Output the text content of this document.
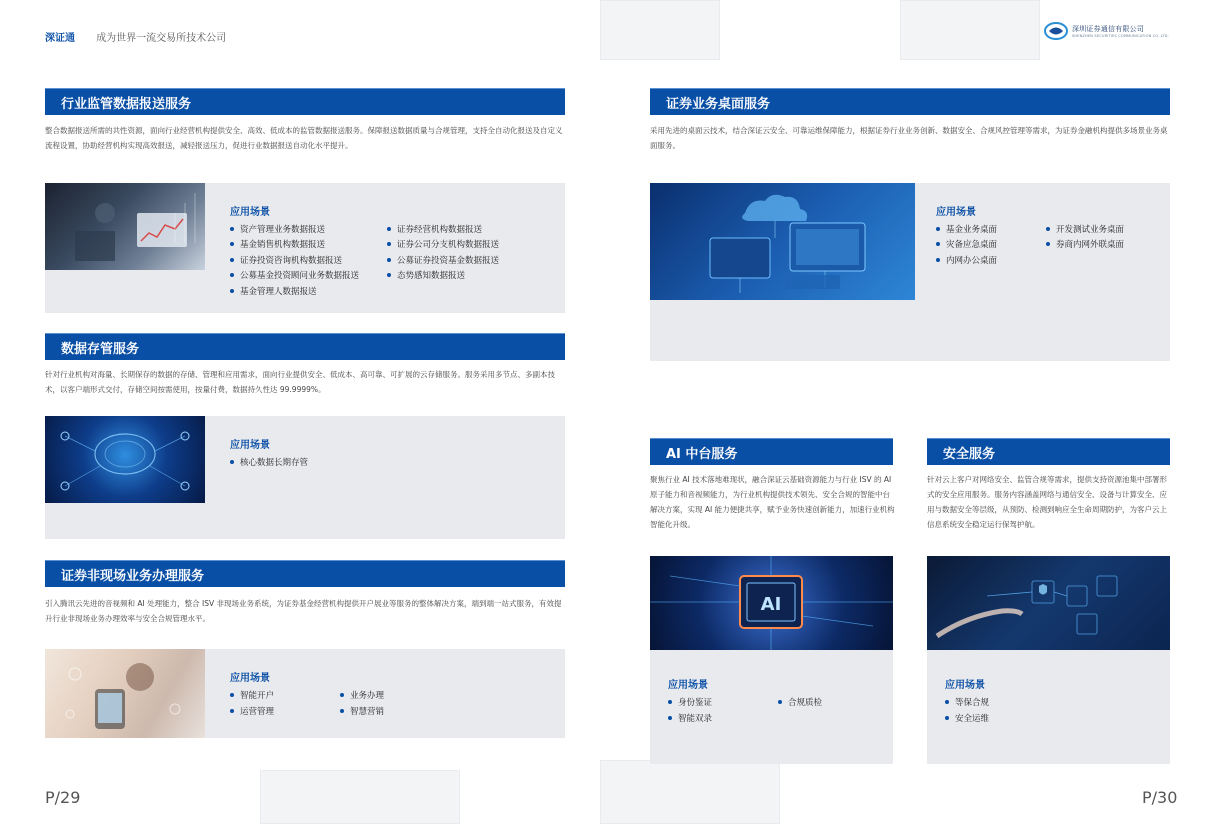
深证通 成为世界一流交易所技术公司
深圳证券通信有限公司
SHENZHEN SECURITIES COMMUNICATION CO.,LTD.
行业监管数据报送服务
整合数据报送所需的共性资源，面向行业经营机构提供安全、高效、低成本的监管数据报送服务。保障报送数据质量与合规管理，支持全自动化报送及自定义流程设置，协助经营机构实现高效报送，减轻报送压力，促进行业数据报送自动化水平提升。
应用场景
资产管理业务数据报送	证券经营机构数据报送
基金销售机构数据报送	证券公司分支机构数据报送
证券投资咨询机构数据报送	公募证券投资基金数据报送
公募基金投资顾问业务数据报送	态势感知数据报送
基金管理人数据报送
数据存管服务
针对行业机构对海量、长期保存的数据的存储、管理和应用需求，面向行业提供安全、低成本、高可靠、可扩展的云存储服务。服务采用多节点、多副本技术，以客户端形式交付，存储空间按需使用，按量付费，数据持久性达 99.9999%。
应用场景
核心数据长期存管
证券非现场业务办理服务
引入腾讯云先进的音视频和 AI 处理能力，整合 ISV 非现场业务系统，为证券基金经营机构提供开户展业等服务的整体解决方案，端到端一站式服务，有效提升行业非现场业务办理效率与安全合规管理水平。
应用场景
智能开户	业务办理
运营管理	智慧营销
P/29
证券业务桌面服务
采用先进的桌面云技术，结合深证云安全、可靠运维保障能力，根据证券行业业务创新、数据安全、合规风控管理等需求，为证券金融机构提供多场景业务桌面服务。
应用场景
基金业务桌面	开发测试业务桌面
灾备应急桌面	券商内网外联桌面
内网办公桌面
AI 中台服务
聚焦行业 AI 技术落地难现状，融合深证云基础资源能力与行业 ISV 的 AI 原子能力和音视频能力，为行业机构提供技术领先、安全合规的智能中台解决方案，实现 AI 能力便捷共享，赋予业务快速创新能力，加速行业机构智能化升级。
AI
应用场景
身份鉴证	合规质检
智能双录
安全服务
针对云上客户对网络安全、监管合规等需求，提供支持资源池集中部署形式的安全应用服务。服务内容涵盖网络与通信安全、设备与计算安全、应用与数据安全等层级，从预防、检测到响应全生命周期防护，为客户云上信息系统安全稳定运行保驾护航。
应用场景
等保合规
安全运维
P/30
